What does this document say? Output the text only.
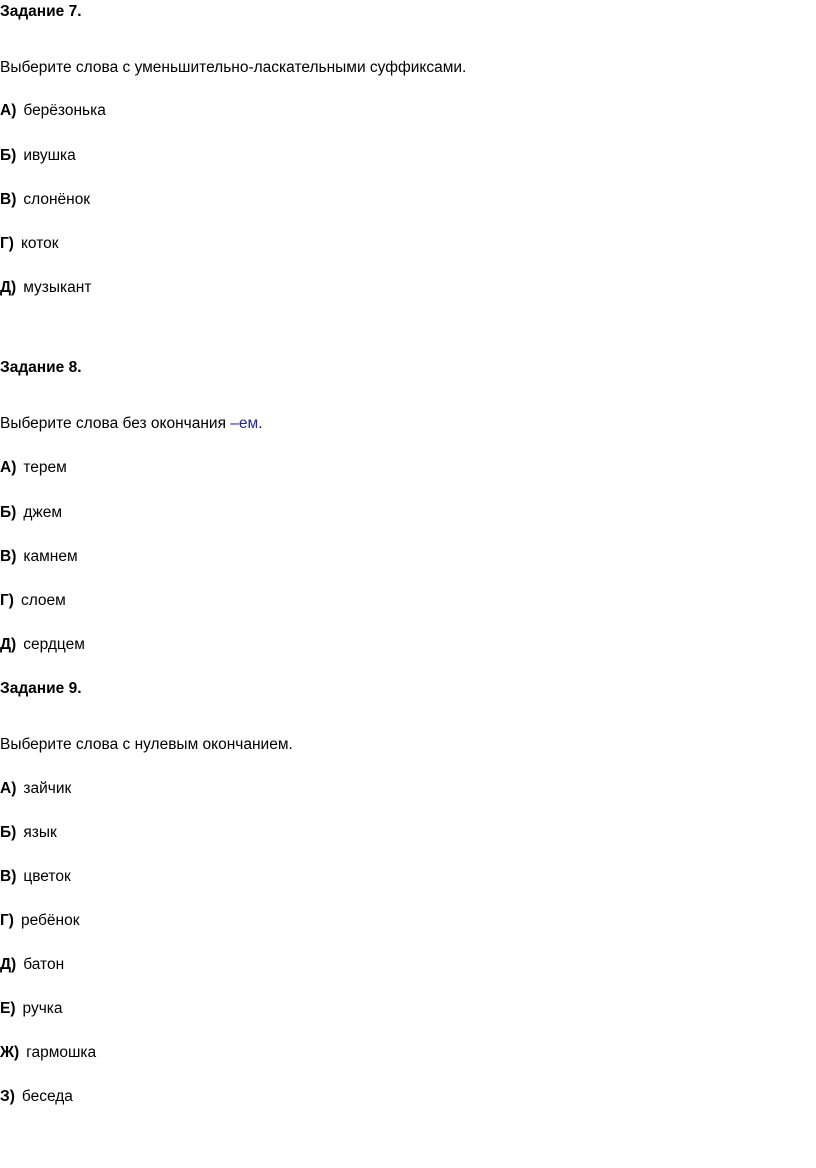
Задание 7.
Выберите слова с уменьшительно-ласкательными суффиксами.
А) берёзонька
Б) ивушка
В) слонёнок
Г) коток
Д) музыкант
Задание 8.
Выберите слова без окончания –ем.
А) терем
Б) джем
В) камнем
Г) слоем
Д) сердцем
Задание 9.
Выберите слова с нулевым окончанием.
А) зайчик
Б) язык
В) цветок
Г) ребёнок
Д) батон
Е) ручка
Ж) гармошка
З) беседа
